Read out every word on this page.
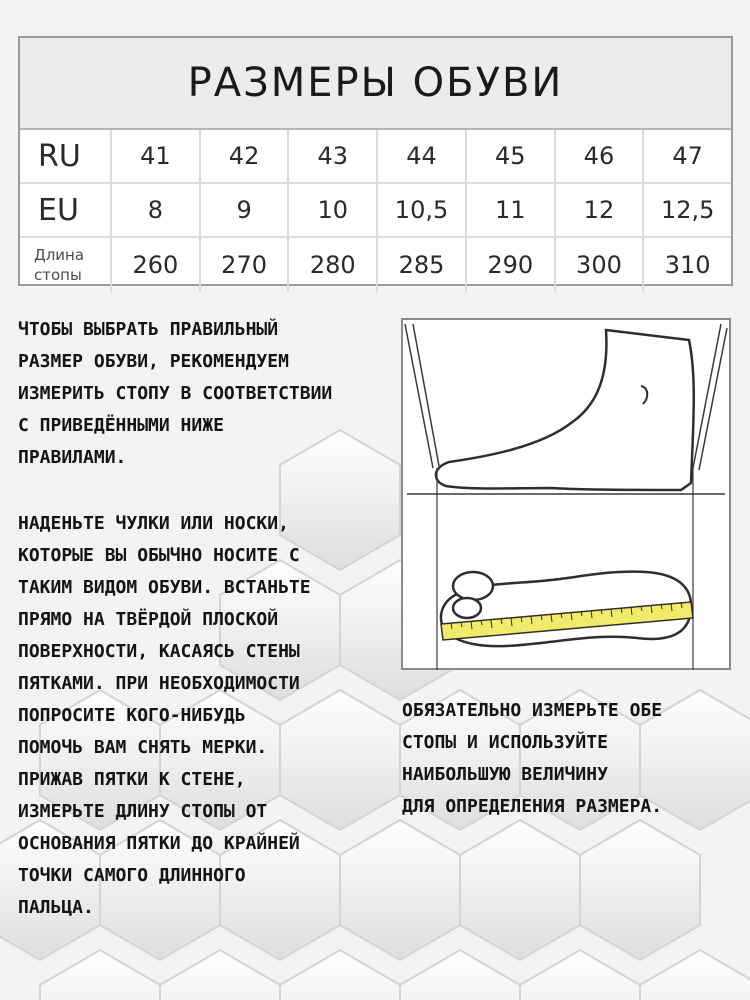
РАЗМЕРЫ ОБУВИ
RU	41	42	43	44	45	46	47
EU	8	9	10	10,5	11	12	12,5
Длина
стопы	260	270	280	285	290	300	310
ЧТОБЫ ВЫБРАТЬ ПРАВИЛЬНЫЙ
РАЗМЕР ОБУВИ, РЕКОМЕНДУЕМ
ИЗМЕРИТЬ СТОПУ В СООТВЕТСТВИИ
С ПРИВЕДЁННЫМИ НИЖЕ
ПРАВИЛАМИ.
НАДЕНЬТЕ ЧУЛКИ ИЛИ НОСКИ,
КОТОРЫЕ ВЫ ОБЫЧНО НОСИТЕ С
ТАКИМ ВИДОМ ОБУВИ. ВСТАНЬТЕ
ПРЯМО НА ТВЁРДОЙ ПЛОСКОЙ
ПОВЕРХНОСТИ, КАСАЯСЬ СТЕНЫ
ПЯТКАМИ. ПРИ НЕОБХОДИМОСТИ
ПОПРОСИТЕ КОГО-НИБУДЬ
ПОМОЧЬ ВАМ СНЯТЬ МЕРКИ.
ПРИЖАВ ПЯТКИ К СТЕНЕ,
ИЗМЕРЬТЕ ДЛИНУ СТОПЫ ОТ
ОСНОВАНИЯ ПЯТКИ ДО КРАЙНЕЙ
ТОЧКИ САМОГО ДЛИННОГО
ПАЛЬЦА.
ОБЯЗАТЕЛЬНО ИЗМЕРЬТЕ ОБЕ
СТОПЫ И ИСПОЛЬЗУЙТЕ
НАИБОЛЬШУЮ ВЕЛИЧИНУ
ДЛЯ ОПРЕДЕЛЕНИЯ РАЗМЕРА.
